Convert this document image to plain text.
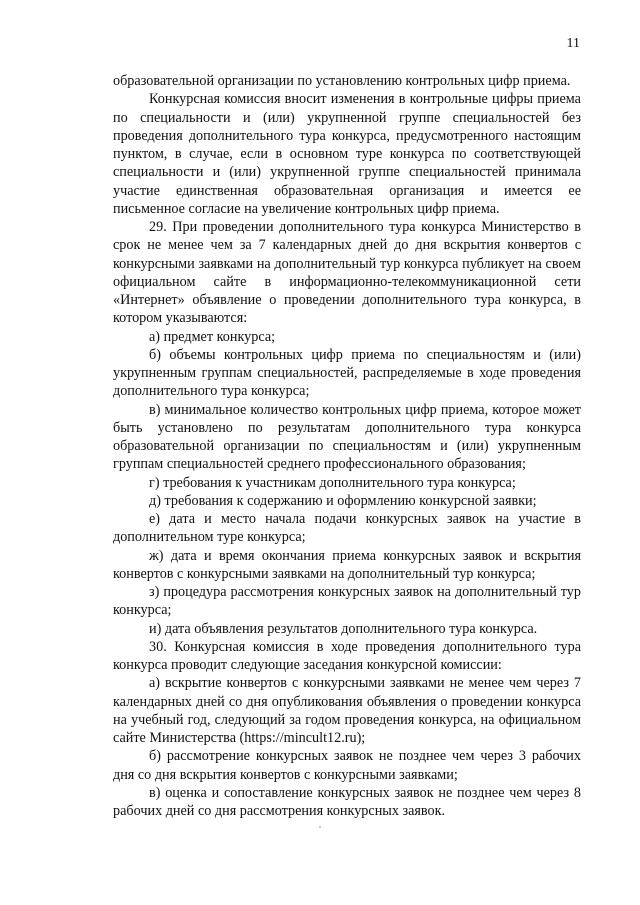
11

образовательной организации по установлению контрольных цифр приема.

Конкурсная комиссия вносит изменения в контрольные цифры приема по специальности и (или) укрупненной группе специальностей без проведения дополнительного тура конкурса, предусмотренного настоящим пунктом, в случае, если в основном туре конкурса по соответствующей специальности и (или) укрупненной группе специальностей принимала участие единственная образовательная организация и имеется ее письменное согласие на увеличение контрольных цифр приема.

29. При проведении дополнительного тура конкурса Министерство в срок не менее чем за 7 календарных дней до дня вскрытия конвертов с конкурсными заявками на дополнительный тур конкурса публикует на своем официальном сайте в информационно-телекоммуникационной сети «Интернет» объявление о проведении дополнительного тура конкурса, в котором указываются:

а) предмет конкурса;

б) объемы контрольных цифр приема по специальностям и (или) укрупненным группам специальностей, распределяемые в ходе проведения дополнительного тура конкурса;

в) минимальное количество контрольных цифр приема, которое может быть установлено по результатам дополнительного тура конкурса образовательной организации по специальностям и (или) укрупненным группам специальностей среднего профессионального образования;

г) требования к участникам дополнительного тура конкурса;

д) требования к содержанию и оформлению конкурсной заявки;

е) дата и место начала подачи конкурсных заявок на участие в дополнительном туре конкурса;

ж) дата и время окончания приема конкурсных заявок и вскрытия конвертов с конкурсными заявками на дополнительный тур конкурса;

з) процедура рассмотрения конкурсных заявок на дополнительный тур конкурса;

и) дата объявления результатов дополнительного тура конкурса.

30. Конкурсная комиссия в ходе проведения дополнительного тура конкурса проводит следующие заседания конкурсной комиссии:

а) вскрытие конвертов с конкурсными заявками не менее чем через 7 календарных дней со дня опубликования объявления о проведении конкурса на учебный год, следующий за годом проведения конкурса, на официальном сайте Министерства (https://mincult12.ru);

б) рассмотрение конкурсных заявок не позднее чем через 3 рабочих дня со дня вскрытия конвертов с конкурсными заявками;

в) оценка и сопоставление конкурсных заявок не позднее чем через 8 рабочих дней со дня рассмотрения конкурсных заявок.
